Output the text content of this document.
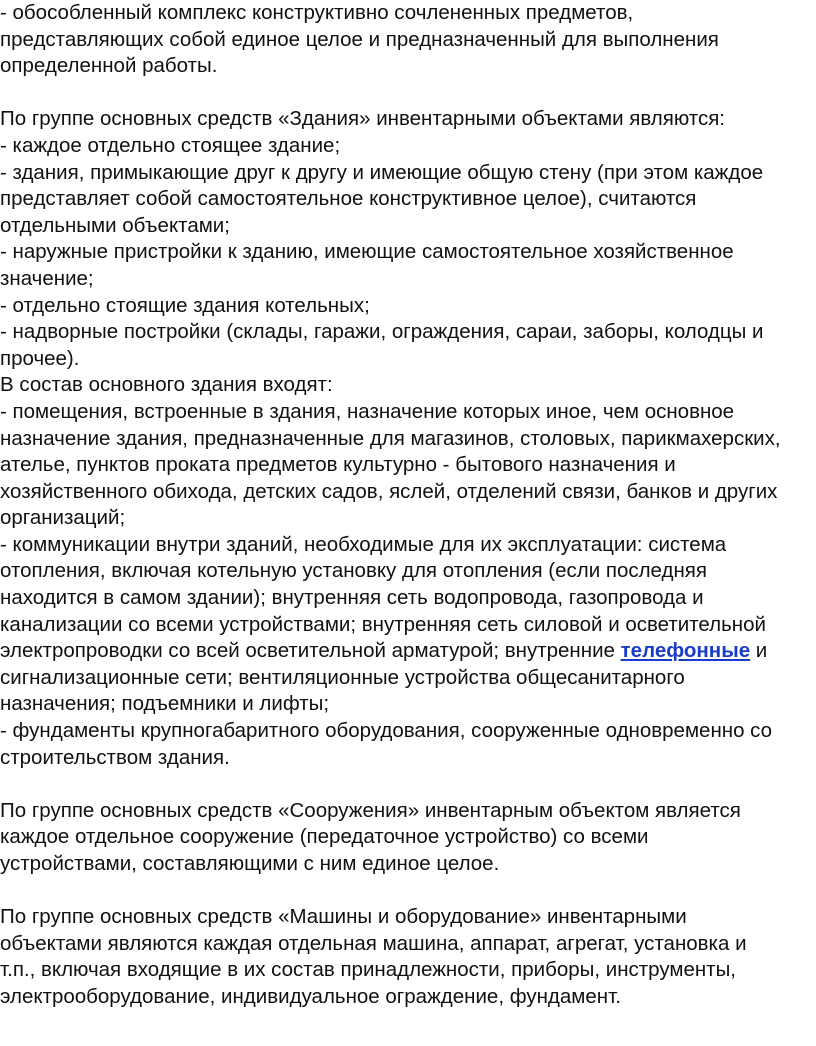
- обособленный комплекс конструктивно сочлененных предметов,
представляющих собой единое целое и предназначенный для выполнения
определенной работы.
По группе основных средств «Здания» инвентарными объектами являются:
- каждое отдельно стоящее здание;
- здания, примыкающие друг к другу и имеющие общую стену (при этом каждое
представляет собой самостоятельное конструктивное целое), считаются
отдельными объектами;
- наружные пристройки к зданию, имеющие самостоятельное хозяйственное
значение;
- отдельно стоящие здания котельных;
- надворные постройки (склады, гаражи, ограждения, сараи, заборы, колодцы и
прочее).
В состав основного здания входят:
- помещения, встроенные в здания, назначение которых иное, чем основное
назначение здания, предназначенные для магазинов, столовых, парикмахерских,
ателье, пунктов проката предметов культурно - бытового назначения и
хозяйственного обихода, детских садов, яслей, отделений связи, банков и других
организаций;
- коммуникации внутри зданий, необходимые для их эксплуатации: система
отопления, включая котельную установку для отопления (если последняя
находится в самом здании); внутренняя сеть водопровода, газопровода и
канализации со всеми устройствами; внутренняя сеть силовой и осветительной
электропроводки со всей осветительной арматурой; внутренние телефонные и
сигнализационные сети; вентиляционные устройства общесанитарного
назначения; подъемники и лифты;
- фундаменты крупногабаритного оборудования, сооруженные одновременно со
строительством здания.
По группе основных средств «Сооружения» инвентарным объектом является
каждое отдельное сооружение (передаточное устройство) со всеми
устройствами, составляющими с ним единое целое.
По группе основных средств «Машины и оборудование» инвентарными
объектами являются каждая отдельная машина, аппарат, агрегат, установка и
т.п., включая входящие в их состав принадлежности, приборы, инструменты,
электрооборудование, индивидуальное ограждение, фундамент.
